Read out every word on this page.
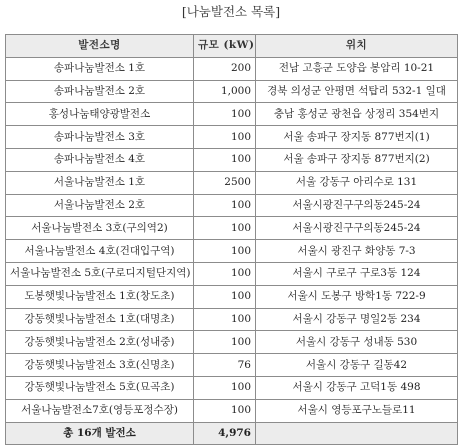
[나눔발전소 목록]
발전소명	규모 (kW)	위치
송파나눔발전소 1호	200	전남 고흥군 도양읍 봉암리 10-21
송파나눔발전소 2호	1,000	경북 의성군 안평면 석탑리 532-1 일대
홍성나눔태양광발전소	100	충남 홍성군 광천읍 상정리 354번지
송파나눔발전소 3호	100	서울 송파구 장지동 877번지(1)
송파나눔발전소 4호	100	서울 송파구 장지동 877번지(2)
서울나눔발전소 1호	2500	서울 강동구 아리수로 131
서울나눔발전소 2호	100	서울시광진구구의동245-24
서울나눔발전소 3호(구의역2)	100	서울시광진구구의동245-24
서울나눔발전소 4호(건대입구역)	100	서울시 광진구 화양동 7-3
서울나눔발전소 5호(구로디지털단지역)	100	서울시 구로구 구로3동 124
도봉햇빛나눔발전소 1호(창도초)	100	서울시 도봉구 방학1동 722-9
강동햇빛나눔발전소 1호(대명초)	100	서울시 강동구 명일2동 234
강동햇빛나눔발전소 2호(성내중)	100	서울시 강동구 성내동 530
강동햇빛나눔발전소 3호(신명초)	76	서울시 강동구 길동42
강동햇빛나눔발전소 5호(묘곡초)	100	서울시 강동구 고덕1동 498
서울나눔발전소7호(영등포정수장)	100	서울시 영등포구노들로11
총 16개 발전소	4,976	
